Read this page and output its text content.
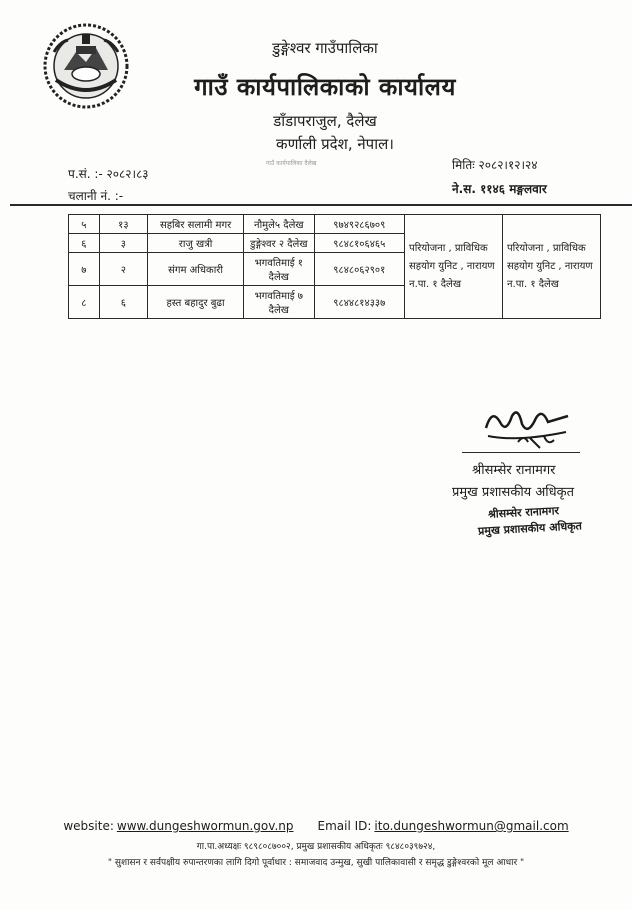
डुङ्गेश्वर गाउँपालिका
गाउँ कार्यपालिकाको कार्यालय
डाँडापराजुल, दैलेख
कर्णाली प्रदेश, नेपाल।
गाउँ कार्यपालिका दैलेख
प.सं. :- २०८२।८३
चलानी नं. :-
मितिः २०८२।१२।२४
ने.स. ११४६ मङ्गलवार
५	१३	सहबिर सलामी मगर	नौमुले५ दैलेख	९७४९२८६७०९	परियोजना , प्राविधिक सहयोग युनिट , नारायण न.पा. १ दैलेख	परियोजना , प्राविधिक सहयोग युनिट , नारायण न.पा. १ दैलेख
६	३	राजु खत्री	डुङ्गेश्वर २ दैलेख	९८४८१०६४६५		
७	२	संगम अधिकारी	भगवतिमाई १ दैलेख	९८४८०६२९०१		
८	६	हस्त बहादुर बुढा	भगवतिमाई ७ दैलेख	९८४४८१४३३७		
श्रीसम्सेर रानामगर
प्रमुख प्रशासकीय अधिकृत
श्रीसम्सेर रानामगर
प्रमुख प्रशासकीय अधिकृत
website: www.dungeshwormun.gov.np Email ID: ito.dungeshwormun@gmail.com
गा.पा.अध्यक्षः ९८९८०८७००२, प्रमुख प्रशासकीय अधिकृतः ९८४८०३९७२४,
" सुशासन र सर्वपक्षीय रुपान्तरणका लागि दिगो पूर्वाधार : समाजवाद उन्मुख, सुखी पालिकावासी र समृद्ध डुङ्गेश्वरको मूल आधार "
